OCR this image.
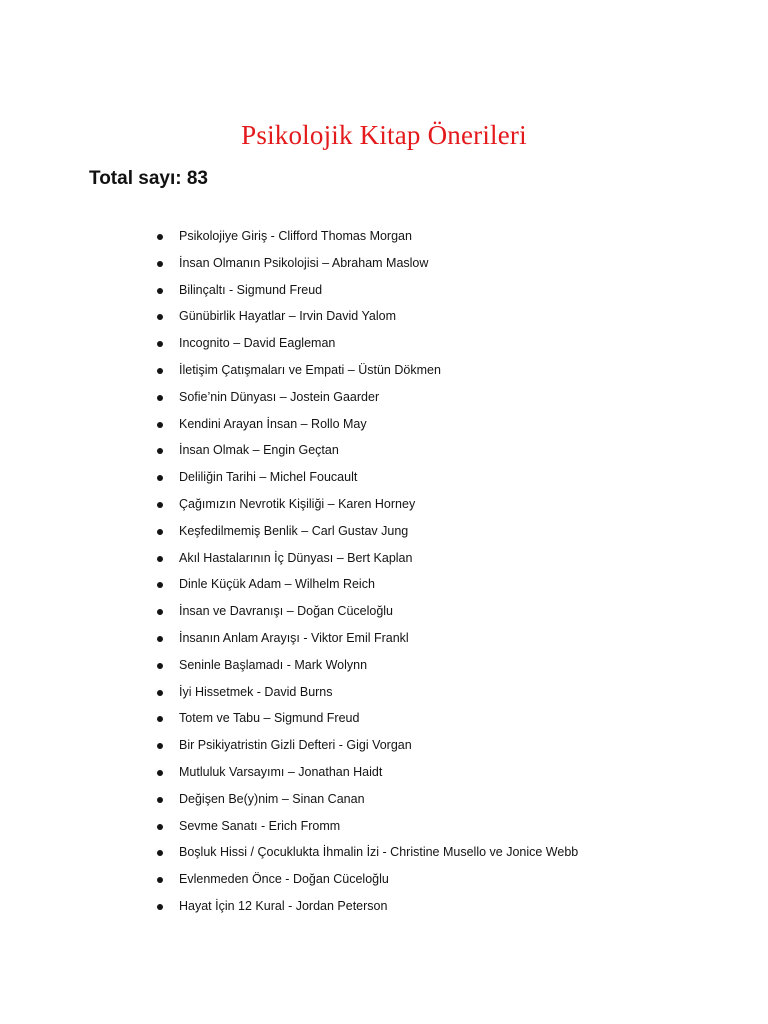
Psikolojik Kitap Önerileri
Total sayı: 83
Psikolojiye Giriş - Clifford Thomas Morgan
İnsan Olmanın Psikolojisi – Abraham Maslow
Bilinçaltı - Sigmund Freud
Günübirlik Hayatlar – Irvin David Yalom
Incognito – David Eagleman
İletişim Çatışmaları ve Empati – Üstün Dökmen
Sofie’nin Dünyası – Jostein Gaarder
Kendini Arayan İnsan – Rollo May
İnsan Olmak – Engin Geçtan
Deliliğin Tarihi – Michel Foucault
Çağımızın Nevrotik Kişiliği – Karen Horney
Keşfedilmemiş Benlik – Carl Gustav Jung
Akıl Hastalarının İç Dünyası – Bert Kaplan
Dinle Küçük Adam – Wilhelm Reich
İnsan ve Davranışı – Doğan Cüceloğlu
İnsanın Anlam Arayışı - Viktor Emil Frankl
Seninle Başlamadı - Mark Wolynn
İyi Hissetmek - David Burns
Totem ve Tabu – Sigmund Freud
Bir Psikiyatristin Gizli Defteri - Gigi Vorgan
Mutluluk Varsayımı – Jonathan Haidt
Değişen Be(y)nim – Sinan Canan
Sevme Sanatı - Erich Fromm
Boşluk Hissi / Çocuklukta İhmalin İzi - Christine Musello ve Jonice Webb
Evlenmeden Önce - Doğan Cüceloğlu
Hayat İçin 12 Kural - Jordan Peterson
